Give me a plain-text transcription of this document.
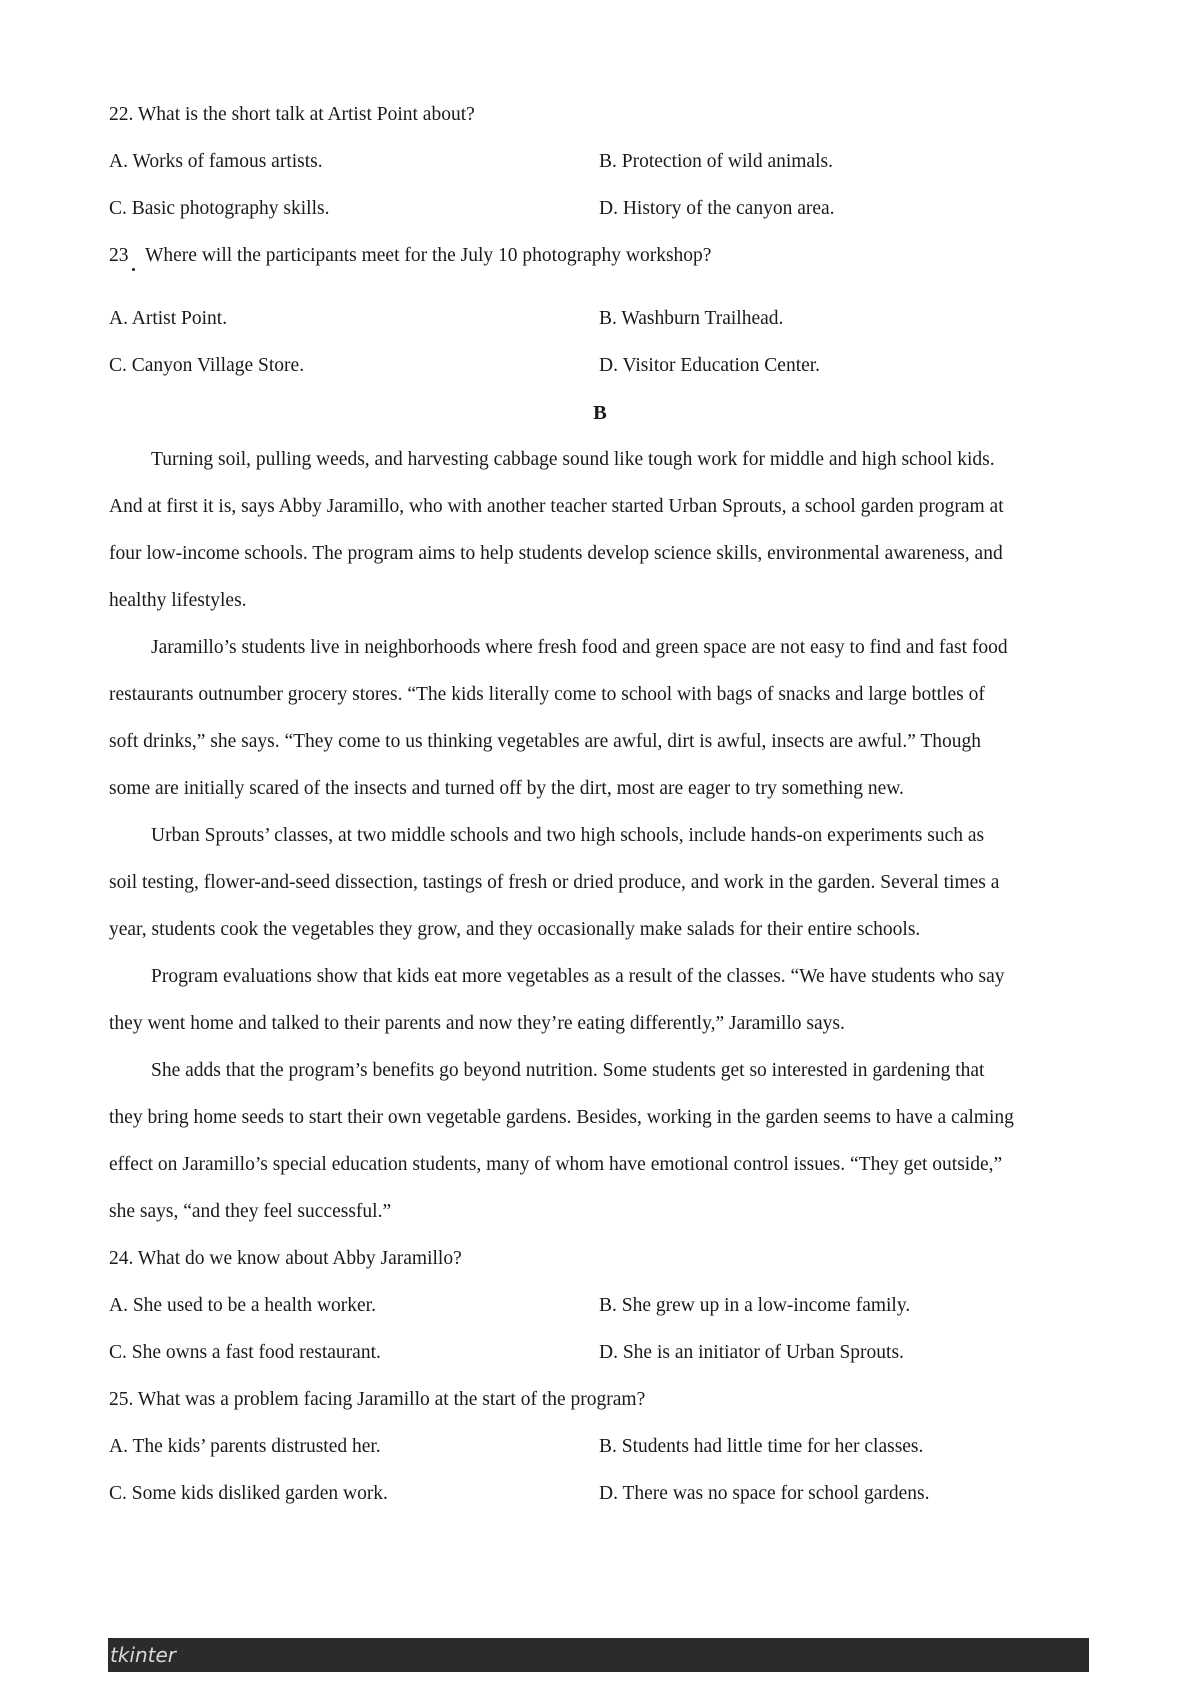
22. What is the short talk at Artist Point about?
A. Works of famous artists.	B. Protection of wild animals.
C. Basic photography skills.	D. History of the canyon area.
23 Where will the participants meet for the July 10 photography workshop?
A. Artist Point.	B. Washburn Trailhead.
C. Canyon Village Store.	D. Visitor Education Center.
B
Turning soil, pulling weeds, and harvesting cabbage sound like tough work for middle and high school kids.
And at first it is, says Abby Jaramillo, who with another teacher started Urban Sprouts, a school garden program at
four low-income schools. The program aims to help students develop science skills, environmental awareness, and
healthy lifestyles.
Jaramillo’s students live in neighborhoods where fresh food and green space are not easy to find and fast food
restaurants outnumber grocery stores. “The kids literally come to school with bags of snacks and large bottles of
soft drinks,” she says. “They come to us thinking vegetables are awful, dirt is awful, insects are awful.” Though
some are initially scared of the insects and turned off by the dirt, most are eager to try something new.
Urban Sprouts’ classes, at two middle schools and two high schools, include hands-on experiments such as
soil testing, flower-and-seed dissection, tastings of fresh or dried produce, and work in the garden. Several times a
year, students cook the vegetables they grow, and they occasionally make salads for their entire schools.
Program evaluations show that kids eat more vegetables as a result of the classes. “We have students who say
they went home and talked to their parents and now they’re eating differently,” Jaramillo says.
She adds that the program’s benefits go beyond nutrition. Some students get so interested in gardening that
they bring home seeds to start their own vegetable gardens. Besides, working in the garden seems to have a calming
effect on Jaramillo’s special education students, many of whom have emotional control issues. “They get outside,”
she says, “and they feel successful.”
24. What do we know about Abby Jaramillo?
A. She used to be a health worker.	B. She grew up in a low-income family.
C. She owns a fast food restaurant.	D. She is an initiator of Urban Sprouts.
25. What was a problem facing Jaramillo at the start of the program?
A. The kids’ parents distrusted her.	B. Students had little time for her classes.
C. Some kids disliked garden work.	D. There was no space for school gardens.
tkinter
